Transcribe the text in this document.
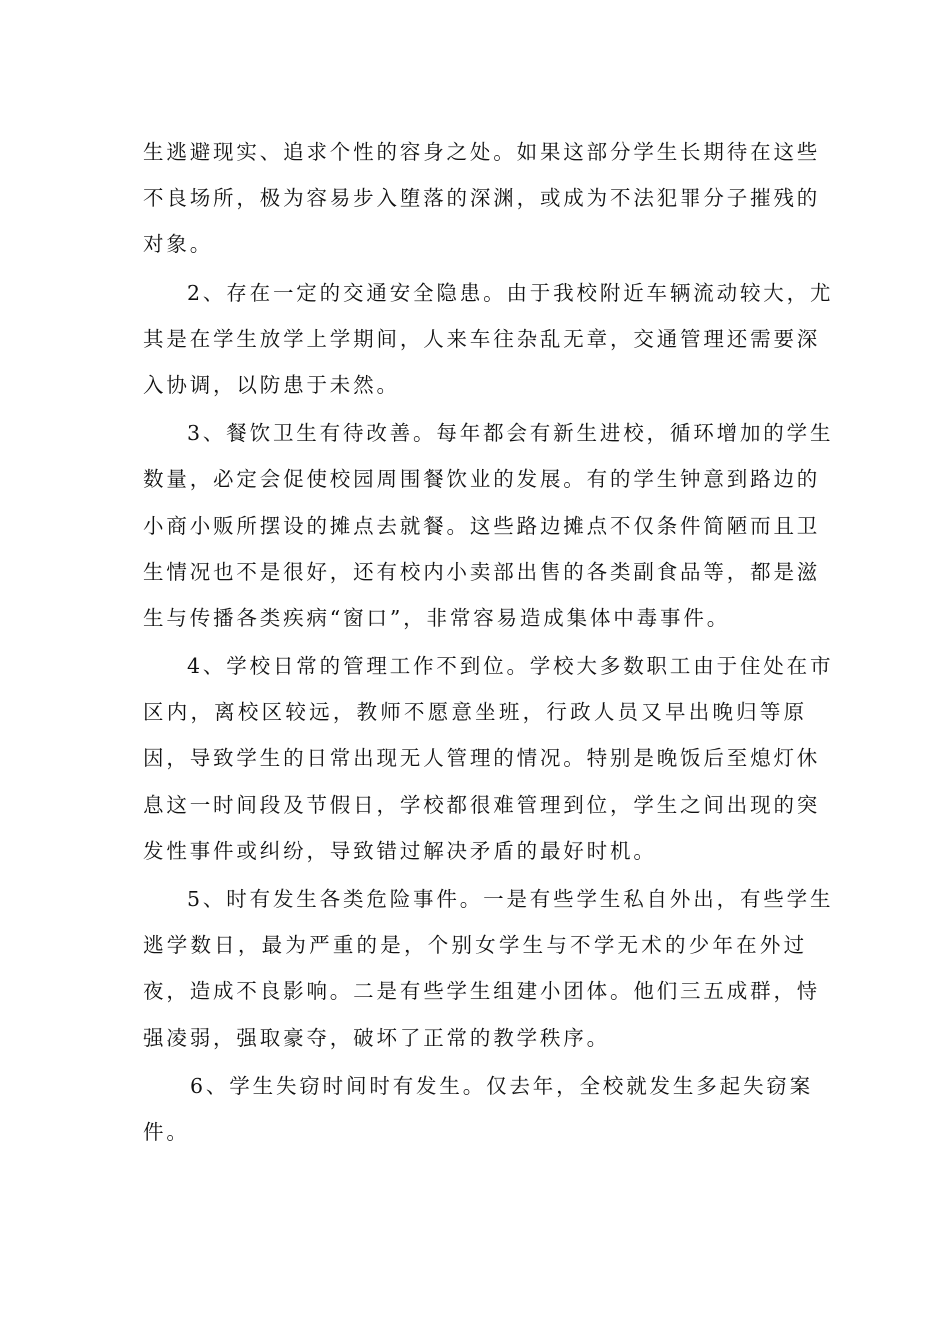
生逃避现实、追求个性的容身之处。如果这部分学生长期待在这些
不良场所，极为容易步入堕落的深渊，或成为不法犯罪分子摧残的
对象。
2、存在一定的交通安全隐患。由于我校附近车辆流动较大，尤
其是在学生放学上学期间，人来车往杂乱无章，交通管理还需要深
入协调，以防患于未然。
3、餐饮卫生有待改善。每年都会有新生进校，循环增加的学生
数量，必定会促使校园周围餐饮业的发展。有的学生钟意到路边的
小商小贩所摆设的摊点去就餐。这些路边摊点不仅条件简陋而且卫
生情况也不是很好，还有校内小卖部出售的各类副食品等，都是滋
生与传播各类疾病“窗口”，非常容易造成集体中毒事件。
4、学校日常的管理工作不到位。学校大多数职工由于住处在市
区内，离校区较远，教师不愿意坐班，行政人员又早出晚归等原
因，导致学生的日常出现无人管理的情况。特别是晚饭后至熄灯休
息这一时间段及节假日，学校都很难管理到位，学生之间出现的突
发性事件或纠纷，导致错过解决矛盾的最好时机。
5、时有发生各类危险事件。一是有些学生私自外出，有些学生
逃学数日，最为严重的是，个别女学生与不学无术的少年在外过
夜，造成不良影响。二是有些学生组建小团体。他们三五成群，恃
强凌弱，强取豪夺，破坏了正常的教学秩序。
6、学生失窃时间时有发生。仅去年，全校就发生多起失窃案
件。
